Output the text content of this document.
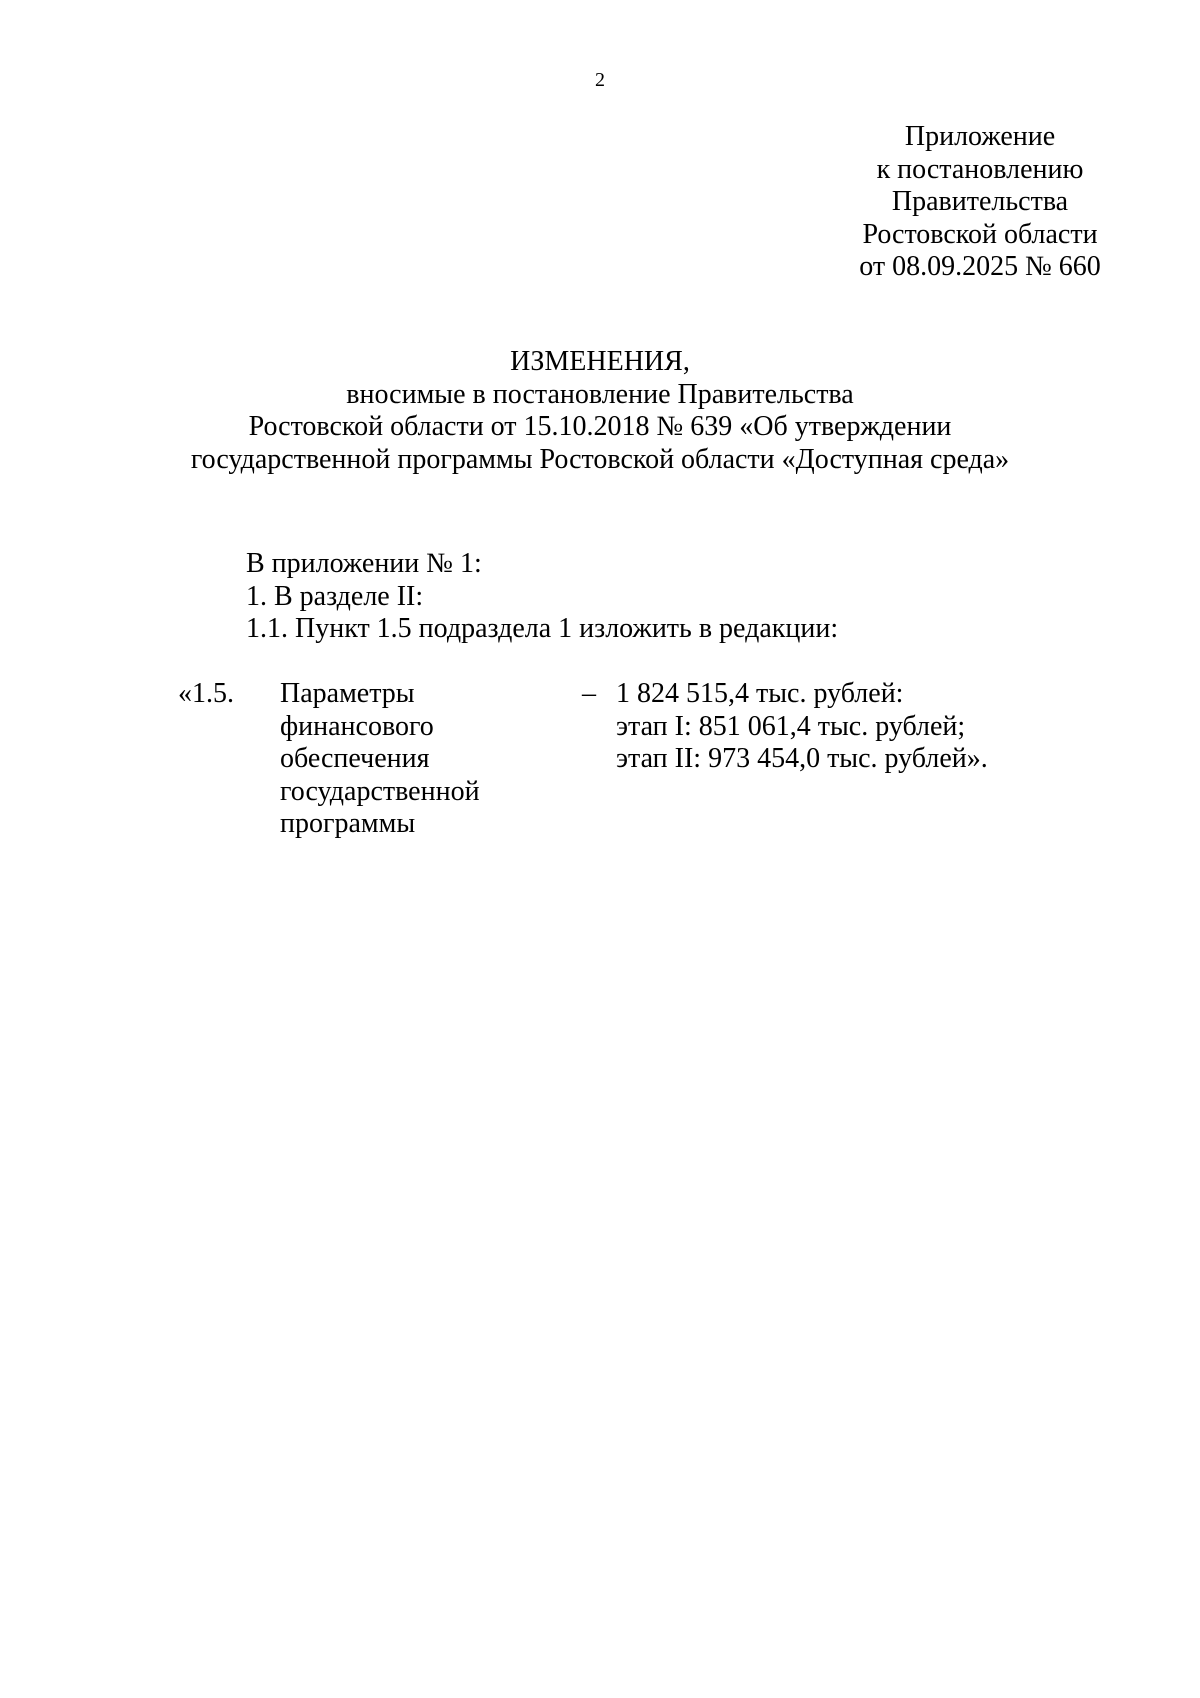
2
Приложение
к постановлению
Правительства
Ростовской области
от 08.09.2025 № 660
ИЗМЕНЕНИЯ,
вносимые в постановление Правительства
Ростовской области от 15.10.2018 № 639 «Об утверждении
государственной программы Ростовской области «Доступная среда»
В приложении № 1:
1. В разделе II:
1.1. Пункт 1.5 подраздела 1 изложить в редакции:
«1.5. Параметры
финансового
обеспечения
государственной
программы
– 1 824 515,4 тыс. рублей:
этап I: 851 061,4 тыс. рублей;
этап II: 973 454,0 тыс. рублей».
